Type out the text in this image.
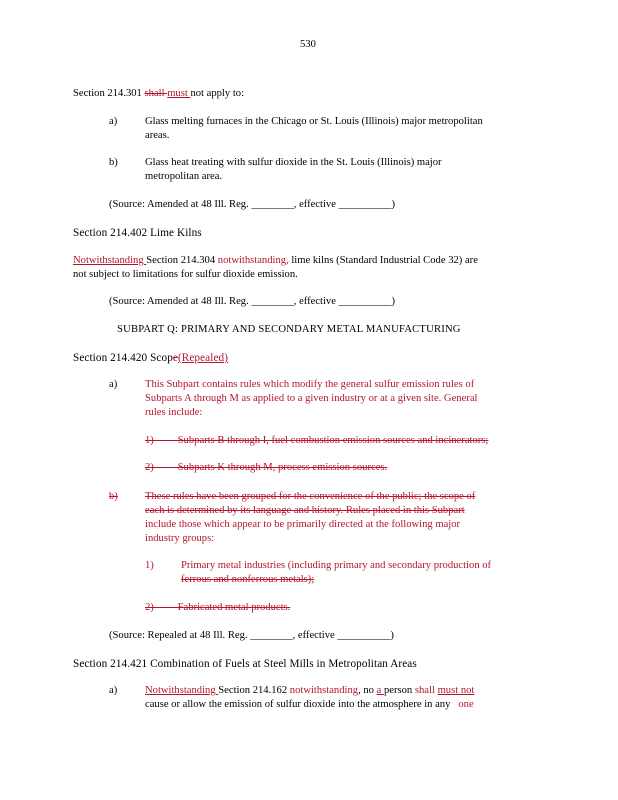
530
Section 214.301 shall must not apply to:
a)	Glass melting furnaces in the Chicago or St. Louis (Illinois) major metropolitan
areas.
b)	Glass heat treating with sulfur dioxide in the St. Louis (Illinois) major
metropolitan area.
(Source: Amended at 48 Ill. Reg. ________, effective __________)
Section 214.402 Lime Kilns
Notwithstanding Section 214.304 notwithstanding, lime kilns (Standard Industrial Code 32) are
not subject to limitations for sulfur dioxide emission.
(Source: Amended at 48 Ill. Reg. ________, effective __________)
SUBPART Q: PRIMARY AND SECONDARY METAL MANUFACTURING
Section 214.420 Scope(Repealed)
a)	This Subpart contains rules which modify the general sulfur emission rules of
Subparts A through M as applied to a given industry or at a given site. General
rules include:
1)         Subparts B through I, fuel combustion emission sources and incinerators;
2)         Subparts K through M, process emission sources.
b)	These rules have been grouped for the convenience of the public; the scope of
each is determined by its language and history. Rules placed in this Subpart
include those which appear to be primarily directed at the following major
industry groups:
1)	Primary metal industries (including primary and secondary production of
ferrous and nonferrous metals);
2)         Fabricated metal products.
(Source: Repealed at 48 Ill. Reg. ________, effective __________)
Section 214.421 Combination of Fuels at Steel Mills in Metropolitan Areas
a)	Notwithstanding Section 214.162 notwithstanding, no a person shall must not
cause or allow the emission of sulfur dioxide into the atmosphere in any one
